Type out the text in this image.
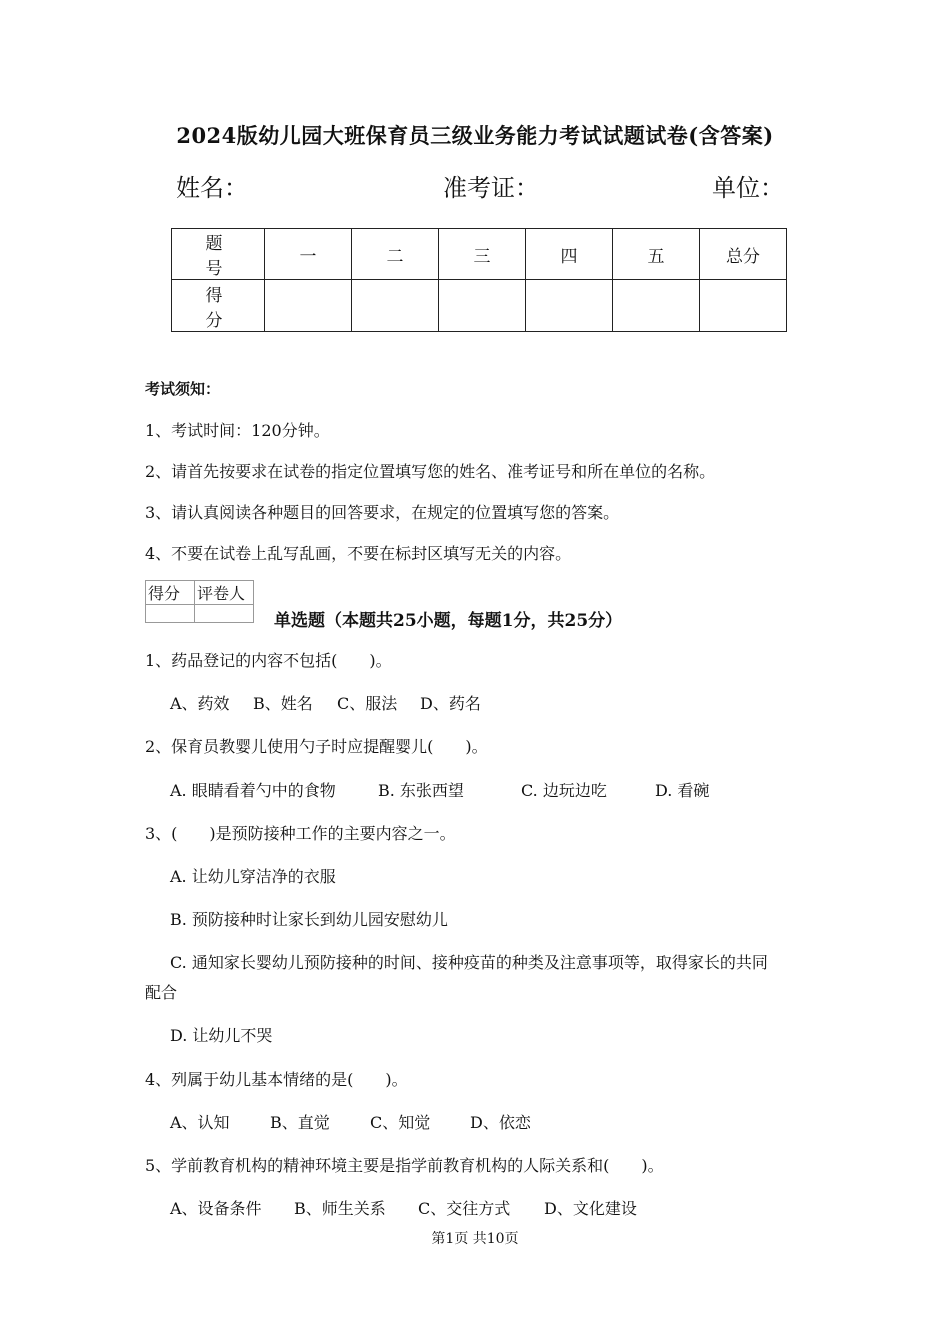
2024版幼儿园大班保育员三级业务能力考试试题试卷(含答案)
姓名：	准考证：	单位：
题　号	一	二	三	四	五	总分
得　分						
考试须知：
1、考试时间：120分钟。
2、请首先按要求在试卷的指定位置填写您的姓名、准考证号和所在单位的名称。
3、请认真阅读各种题目的回答要求，在规定的位置填写您的答案。
4、不要在试卷上乱写乱画，不要在标封区填写无关的内容。
得分	评卷人

单选题（本题共25小题，每题1分，共25分）
1、药品登记的内容不包括(　　)。
A、药效 B、姓名 C、服法 D、药名
2、保育员教婴儿使用勺子时应提醒婴儿(　　)。
A. 眼睛看着勺中的食物	B. 东张西望	C. 边玩边吃	D. 看碗
3、(　　)是预防接种工作的主要内容之一。
A. 让幼儿穿洁净的衣服
B. 预防接种时让家长到幼儿园安慰幼儿
C. 通知家长婴幼儿预防接种的时间、接种疫苗的种类及注意事项等，取得家长的共同
配合
D. 让幼儿不哭
4、列属于幼儿基本情绪的是(　　)。
A、认知	B、直觉	C、知觉 D、依恋
5、学前教育机构的精神环境主要是指学前教育机构的人际关系和(　　)。
A、设备条件 B、师生关系 C、交往方式 D、文化建设
第1页 共10页
